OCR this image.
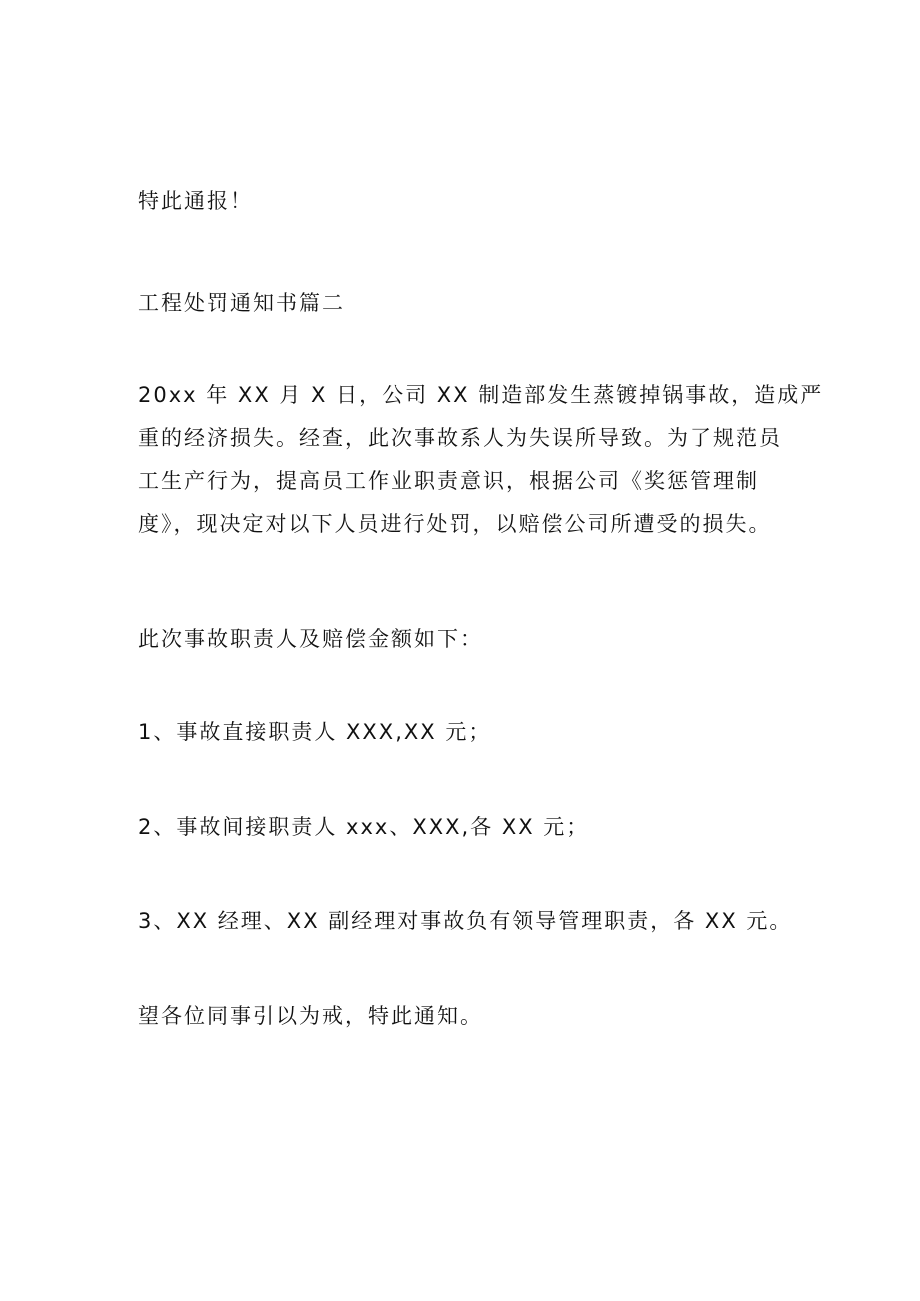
特此通报！

工程处罚通知书篇二

20xx 年 XX 月 X 日，公司 XX 制造部发生蒸镀掉锅事故，造成严
重的经济损失。经查，此次事故系人为失误所导致。为了规范员
工生产行为，提高员工作业职责意识，根据公司《奖惩管理制
度》，现决定对以下人员进行处罚，以赔偿公司所遭受的损失。

此次事故职责人及赔偿金额如下：

1、事故直接职责人 XXX,XX 元；

2、事故间接职责人 xxx、XXX,各 XX 元；

3、XX 经理、XX 副经理对事故负有领导管理职责，各 XX 元。

望各位同事引以为戒，特此通知。
